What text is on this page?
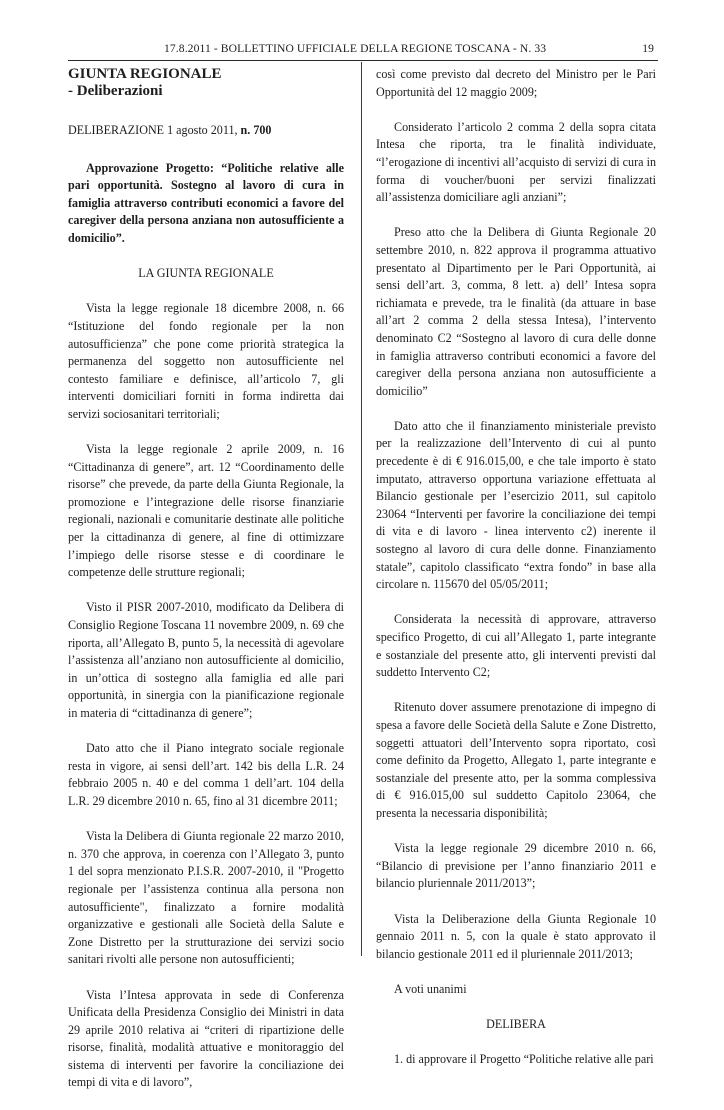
17.8.2011 - BOLLETTINO UFFICIALE DELLA REGIONE TOSCANA - N. 33	19
GIUNTA REGIONALE
- Deliberazioni

DELIBERAZIONE 1 agosto 2011, n. 700

Approvazione Progetto: “Politiche relative alle pari opportunità. Sostegno al lavoro di cura in famiglia attraverso contributi economici a favore del caregiver della persona anziana non autosufficiente a domicilio”.

LA GIUNTA REGIONALE

Vista la legge regionale 18 dicembre 2008, n. 66 “Istituzione del fondo regionale per la non autosufficienza” che pone come priorità strategica la permanenza del soggetto non autosufficiente nel contesto familiare e definisce, all’articolo 7, gli interventi domiciliari forniti in forma indiretta dai servizi sociosanitari territoriali;

Vista la legge regionale 2 aprile 2009, n. 16 “Cittadinanza di genere”, art. 12 “Coordinamento delle risorse” che prevede, da parte della Giunta Regionale, la promozione e l’integrazione delle risorse finanziarie regionali, nazionali e comunitarie destinate alle politiche per la cittadinanza di genere, al fine di ottimizzare l’impiego delle risorse stesse e di coordinare le competenze delle strutture regionali;

Visto il PISR 2007-2010, modificato da Delibera di Consiglio Regione Toscana 11 novembre 2009, n. 69 che riporta, all’Allegato B, punto 5, la necessità di agevolare l’assistenza all’anziano non autosufficiente al domicilio, in un’ottica di sostegno alla famiglia ed alle pari opportunità, in sinergia con la pianificazione regionale in materia di “cittadinanza di genere”;

Dato atto che il Piano integrato sociale regionale resta in vigore, ai sensi dell’art. 142 bis della L.R. 24 febbraio 2005 n. 40 e del comma 1 dell’art. 104 della L.R. 29 dicembre 2010 n. 65, fino al 31 dicembre 2011;

Vista la Delibera di Giunta regionale 22 marzo 2010, n. 370 che approva, in coerenza con l’Allegato 3, punto 1 del sopra menzionato P.I.S.R. 2007-2010, il "Progetto regionale per l’assistenza continua alla persona non autosufficiente", finalizzato a fornire modalità organizzative e gestionali alle Società della Salute e Zone Distretto per la strutturazione dei servizi socio sanitari rivolti alle persone non autosufficienti;

Vista l’Intesa approvata in sede di Conferenza Unificata della Presidenza Consiglio dei Ministri in data 29 aprile 2010 relativa ai “criteri di ripartizione delle risorse, finalità, modalità attuative e monitoraggio del sistema di interventi per favorire la conciliazione dei tempi di vita e di lavoro”,

così come previsto dal decreto del Ministro per le Pari Opportunità del 12 maggio 2009;

Considerato l’articolo 2 comma 2 della sopra citata Intesa che riporta, tra le finalità individuate, “l’erogazione di incentivi all’acquisto di servizi di cura in forma di voucher/buoni per servizi finalizzati all’assistenza domiciliare agli anziani”;

Preso atto che la Delibera di Giunta Regionale 20 settembre 2010, n. 822 approva il programma attuativo presentato al Dipartimento per le Pari Opportunità, ai sensi dell’art. 3, comma, 8 lett. a) dell’ Intesa sopra richiamata e prevede, tra le finalità (da attuare in base all’art 2 comma 2 della stessa Intesa), l’intervento denominato C2 “Sostegno al lavoro di cura delle donne in famiglia attraverso contributi economici a favore del caregiver della persona anziana non autosufficiente a domicilio”

Dato atto che il finanziamento ministeriale previsto per la realizzazione dell’Intervento di cui al punto precedente è di € 916.015,00, e che tale importo è stato imputato, attraverso opportuna variazione effettuata al Bilancio gestionale per l’esercizio 2011, sul capitolo 23064 “Interventi per favorire la conciliazione dei tempi di vita e di lavoro - linea intervento c2) inerente il sostegno al lavoro di cura delle donne. Finanziamento statale”, capitolo classificato “extra fondo” in base alla circolare n. 115670 del 05/05/2011;

Considerata la necessità di approvare, attraverso specifico Progetto, di cui all’Allegato 1, parte integrante e sostanziale del presente atto, gli interventi previsti dal suddetto Intervento C2;

Ritenuto dover assumere prenotazione di impegno di spesa a favore delle Società della Salute e Zone Distretto, soggetti attuatori dell’Intervento sopra riportato, così come definito da Progetto, Allegato 1, parte integrante e sostanziale del presente atto, per la somma complessiva di € 916.015,00 sul suddetto Capitolo 23064, che presenta la necessaria disponibilità;

Vista la legge regionale 29 dicembre 2010 n. 66, “Bilancio di previsione per l’anno finanziario 2011 e bilancio pluriennale 2011/2013”;

Vista la Deliberazione della Giunta Regionale 10 gennaio 2011 n. 5, con la quale è stato approvato il bilancio gestionale 2011 ed il pluriennale 2011/2013;

A voti unanimi

DELIBERA

1. di approvare il Progetto “Politiche relative alle pari
